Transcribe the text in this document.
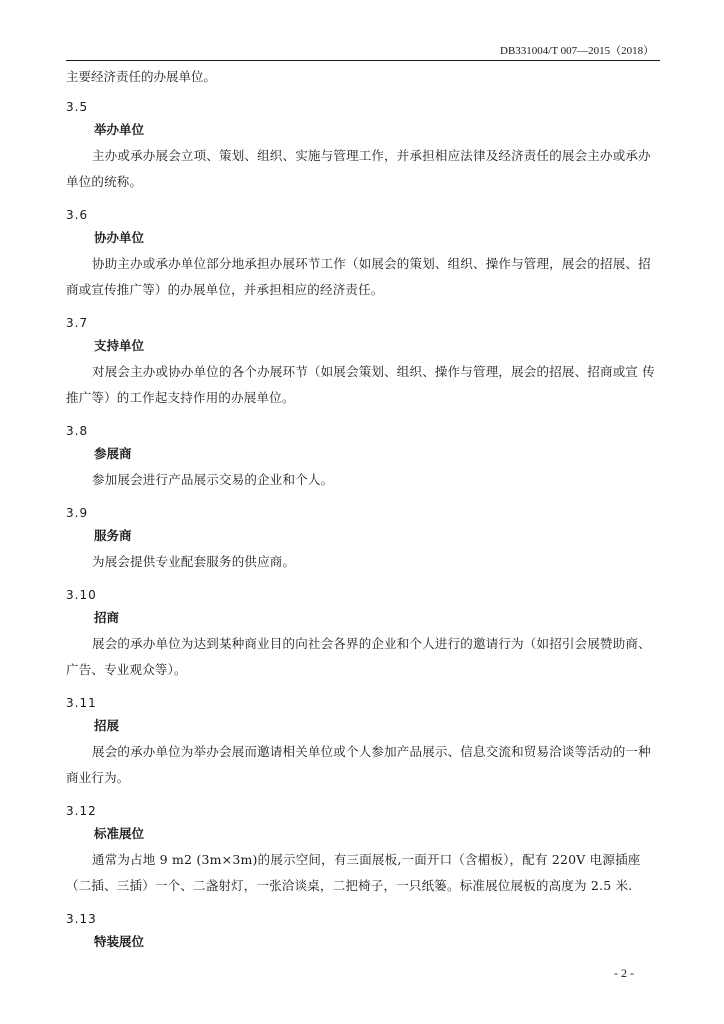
DB331004/T 007—2015（2018）

主要经济责任的办展单位。

3.5

举办单位

主办或承办展会立项、策划、组织、实施与管理工作，并承担相应法律及经济责任的展会主办或承办单位的统称。

3.6

协办单位

协助主办或承办单位部分地承担办展环节工作（如展会的策划、组织、操作与管理，展会的招展、招商或宣传推广等）的办展单位，并承担相应的经济责任。

3.7

支持单位

对展会主办或协办单位的各个办展环节（如展会策划、组织、操作与管理，展会的招展、招商或宣 传推广等）的工作起支持作用的办展单位。

3.8

参展商

参加展会进行产品展示交易的企业和个人。

3.9

服务商

为展会提供专业配套服务的供应商。

3.10

招商

展会的承办单位为达到某种商业目的向社会各界的企业和个人进行的邀请行为（如招引会展赞助商、广告、专业观众等）。

3.11

招展

展会的承办单位为举办会展而邀请相关单位或个人参加产品展示、信息交流和贸易洽谈等活动的一种商业行为。

3.12

标准展位

通常为占地 9 m2 (3m×3m)的展示空间，有三面展板,一面开口（含楣板），配有 220V 电源插座（二插、三插）一个、二盏射灯，一张洽谈桌，二把椅子，一只纸篓。标准展位展板的高度为 2.5 米.

3.13

特装展位

- 2 -
